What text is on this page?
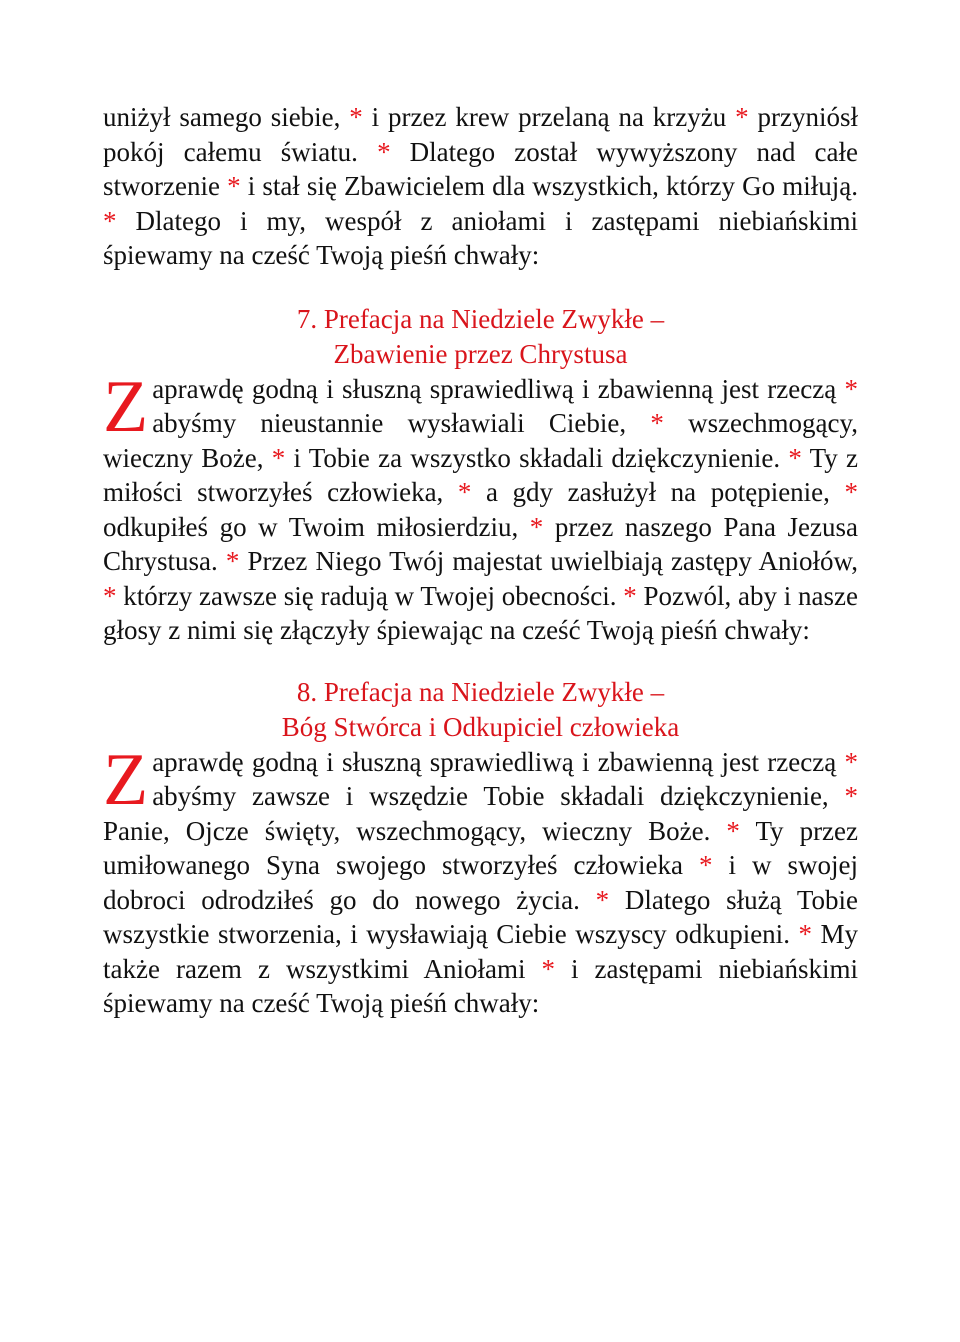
uniżył samego siebie, * i przez krew przelaną na krzyżu * przyniósł pokój całemu światu. * Dlatego został wywyższony nad całe stworzenie * i stał się Zbawicielem dla wszystkich, którzy Go miłują. * Dlatego i my, wespół z aniołami i zastępami niebiańskimi śpiewamy na cześć Twoją pieśń chwały:

7. Prefacja na Niedziele Zwykłe –

Zbawienie przez Chrystusa

Zaprawdę godną i słuszną sprawiedliwą i zbawienną jest rzeczą * abyśmy nieustannie wysławiali Ciebie, * wszechmogący, wieczny Boże, * i Tobie za wszystko składali dziękczynienie. * Ty z miłości stworzyłeś człowieka, * a gdy zasłużył na potępienie, * odkupiłeś go w Twoim miłosierdziu, * przez naszego Pana Jezusa Chrystusa. * Przez Niego Twój majestat uwielbiają zastępy Aniołów, * którzy zawsze się radują w Twojej obecności. * Pozwól, aby i nasze głosy z nimi się złączyły śpiewając na cześć Twoją pieśń chwały:

8. Prefacja na Niedziele Zwykłe –

Bóg Stwórca i Odkupiciel człowieka

Zaprawdę godną i słuszną sprawiedliwą i zbawienną jest rzeczą * abyśmy zawsze i wszędzie Tobie składali dziękczynienie, * Panie, Ojcze święty, wszechmogący, wieczny Boże. * Ty przez umiłowanego Syna swojego stworzyłeś człowieka * i w swojej dobroci odrodziłeś go do nowego życia. * Dlatego służą Tobie wszystkie stworzenia, i wysławiają Ciebie wszyscy odkupieni. * My także razem z wszystkimi Aniołami * i zastępami niebiańskimi śpiewamy na cześć Twoją pieśń chwały:
